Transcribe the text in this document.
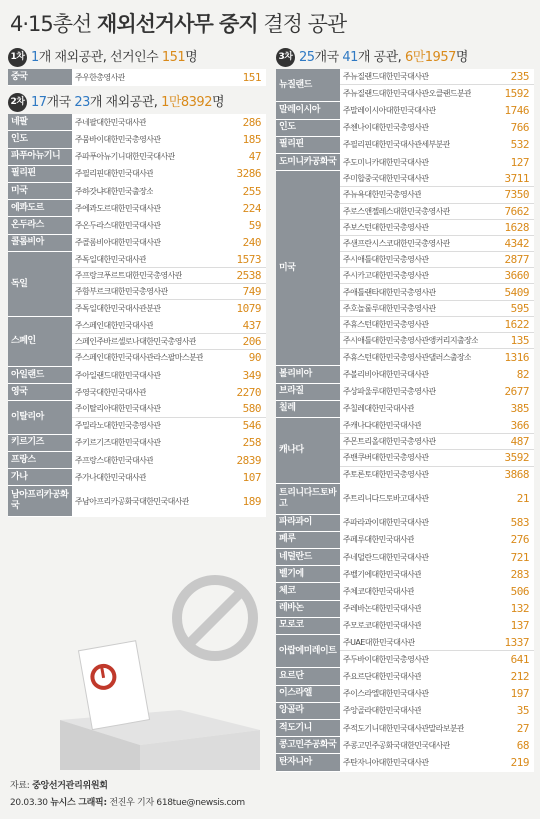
4·15총선 재외선거사무 중지 결정 공관
1차 1개 재외공관, 선거인수 151명
중국	주우한총영사관	151
2차 17개국 23개 재외공관, 1만8392명
네팔	주네팔대한민국대사관	286
인도	주뭄바이대한민국총영사관	185
파푸아뉴기니	주파푸아뉴기니대한민국대사관	47
필리핀	주필리핀대한민국대사관	3286
미국	주하갓냐대한민국출장소	255
에콰도르	주에콰도르대한민국대사관	224
온두라스	주온두라스대한민국대사관	59
콜롬비아	주콜롬비아대한민국대사관	240
독일
주독일대한민국대사관	1573
주프랑크푸르트대한민국총영사관	2538
주함부르크대한민국총영사관	749
주독일대한민국대사관분관	1079
스페인
주스페인대한민국대사관	437
스페인주바르셀로나대한민국총영사관	206
주스페인대한민국대사관라스팔마스분관	90
아일랜드	주아일랜드대한민국대사관	349
영국	주영국대한민국대사관	2270
이탈리아
주이탈리아대한민국대사관	580
주밀라노대한민국총영사관	546
키르기즈	주키르기즈대한민국대사관	258
프랑스	주프랑스대한민국대사관	2839
가나	주가나대한민국대사관	107
남아프리카공화국	주남아프리카공화국대한민국대사관	189
3차 25개국 41개 공관, 6만1957명
뉴질랜드
주뉴질랜드대한민국대사관	235
주뉴질랜드대한민국대사관오클랜드분관	1592
말레이시아	주말레이시아대한민국대사관	1746
인도	주첸나이대한민국총영사관	766
필리핀	주필리핀대한민국대사관세부분관	532
도미니카공화국 주도미니카대한민국대사관	127
미국
주미합중국대한민국대사관	3711
주뉴욕대한민국총영사관	7350
주로스앤젤레스대한민국총영사관	7662
주보스턴대한민국총영사관	1628
주샌프란시스코대한민국총영사관	4342
주시애틀대한민국총영사관	2877
주시카고대한민국총영사관	3660
주애틀랜타대한민국총영사관	5409
주호놀룰루대한민국총영사관	595
주휴스턴대한민국총영사관	1622
주시애틀대한민국총영사관앵커리지출장소	135
주휴스턴대한민국총영사관댈러스출장소	1316
볼리비아	주볼리비아대한민국대사관	82
브라질	주상파울루대한민국총영사관	2677
칠레	주칠레대한민국대사관	385
캐나다
주캐나다대한민국대사관	366
주몬트리올대한민국총영사관	487
주밴쿠버대한민국총영사관	3592
주토론토대한민국총영사관	3868
트리니다드토바고	주트리니다드토바고대사관	21
파라과이	주파라과이대한민국대사관	583
페루	주페루대한민국대사관	276
네덜란드	주네덜란드대한민국대사관	721
벨기에	주벨기에대한민국대사관	283
체코	주체코대한민국대사관	506
레바논	주레바논대한민국대사관	132
모로코	주모로코대한민국대사관	137
아랍에미레이트
주UAE대한민국대사관	1337
주두바이대한민국총영사관	641
요르단	주요르단대한민국대사관	212
이스라엘	주이스라엘대한민국대사관	197
앙골라	주앙골라대한민국대사관	35
적도기니	주적도기니대한민국대사관말라보분관	27
콩고민주공화국 주콩고민주공화국대한민국대사관	68
탄자니아	주탄자니아대한민국대사관	219
자료: 중앙선거관리위원회
20.03.30 뉴시스 그래픽: 전진우 기자 618tue@newsis.com
